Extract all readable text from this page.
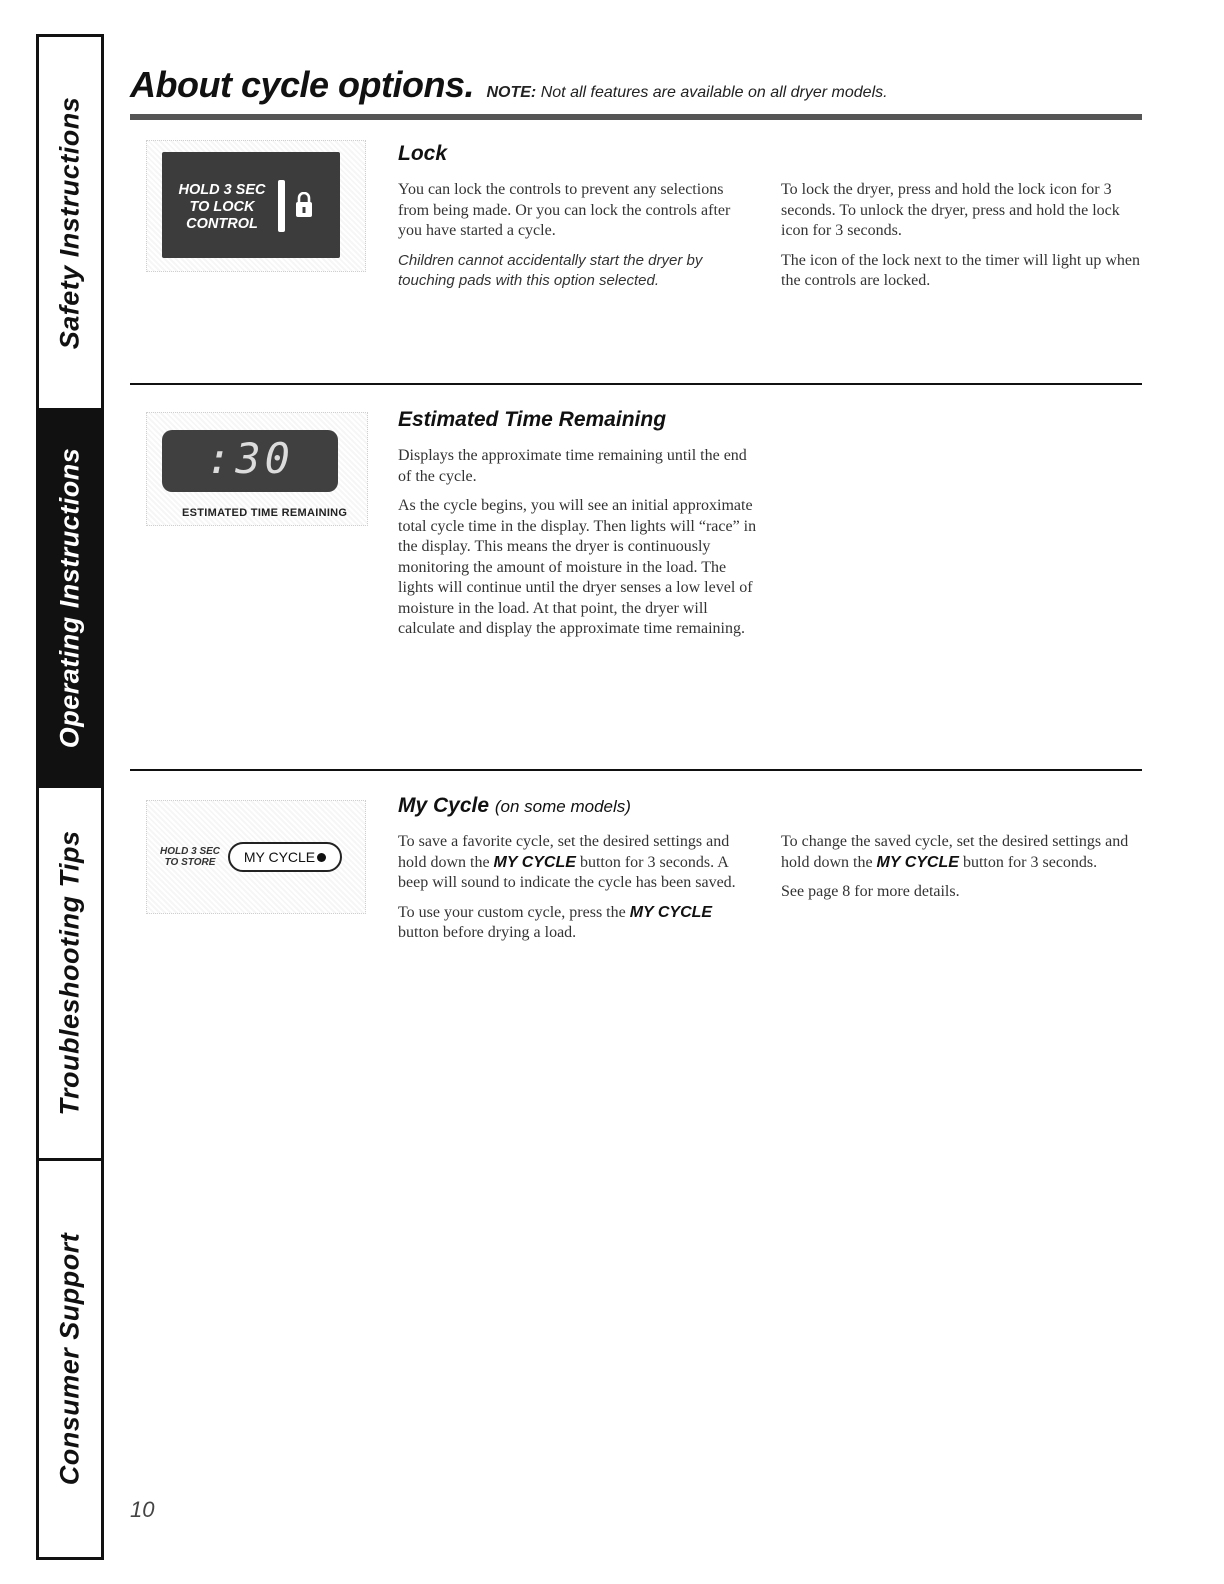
Safety Instructions
Operating Instructions
Troubleshooting Tips
Consumer Support
About cycle options. NOTE: Not all features are available on all dryer models.
HOLD 3 SEC TO LOCK CONTROL
Lock

You can lock the controls to prevent any selections from being made. Or you can lock the controls after you have started a cycle.

Children cannot accidentally start the dryer by touching pads with this option selected.

To lock the dryer, press and hold the lock icon for 3 seconds. To unlock the dryer, press and hold the lock icon for 3 seconds.

The icon of the lock next to the timer will light up when the controls are locked.

:30
ESTIMATED TIME REMAINING
Estimated Time Remaining

Displays the approximate time remaining until the end of the cycle.

As the cycle begins, you will see an initial approximate total cycle time in the display. Then lights will “race” in the display. This means the dryer is continuously monitoring the amount of moisture in the load. The lights will continue until the dryer senses a low level of moisture in the load. At that point, the dryer will calculate and display the approximate time remaining.

HOLD 3 SEC TO STORE	MY CYCLE
My Cycle (on some models)

To save a favorite cycle, set the desired settings and hold down the MY CYCLE button for 3 seconds. A beep will sound to indicate the cycle has been saved.

To use your custom cycle, press the MY CYCLE button before drying a load.

To change the saved cycle, set the desired settings and hold down the MY CYCLE button for 3 seconds.

See page 8 for more details.

10
